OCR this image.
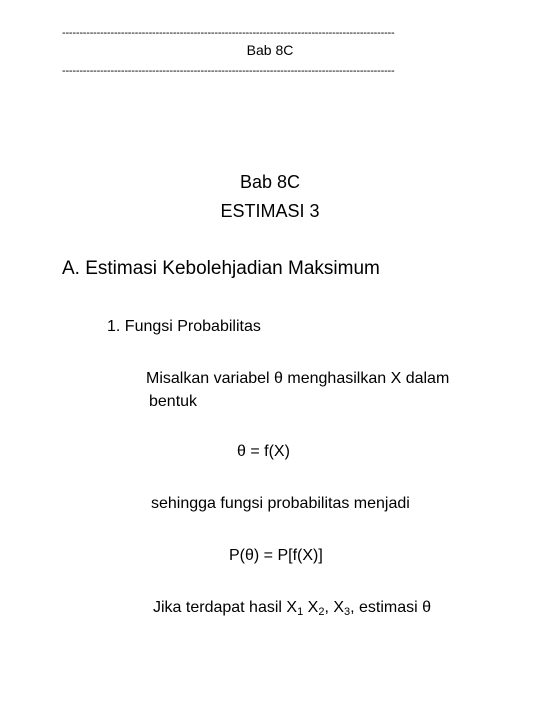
------------------------------------------------------------------------------------------------
Bab 8C
------------------------------------------------------------------------------------------------
Bab 8C
ESTIMASI 3
A. Estimasi Kebolehjadian Maksimum
1. Fungsi Probabilitas
Misalkan variabel θ menghasilkan X dalam
bentuk
θ = f(X)
sehingga fungsi probabilitas menjadi
P(θ) = P[f(X)]
Jika terdapat hasil $X_1$ $X_2$, $X_3$, estimasi θ
